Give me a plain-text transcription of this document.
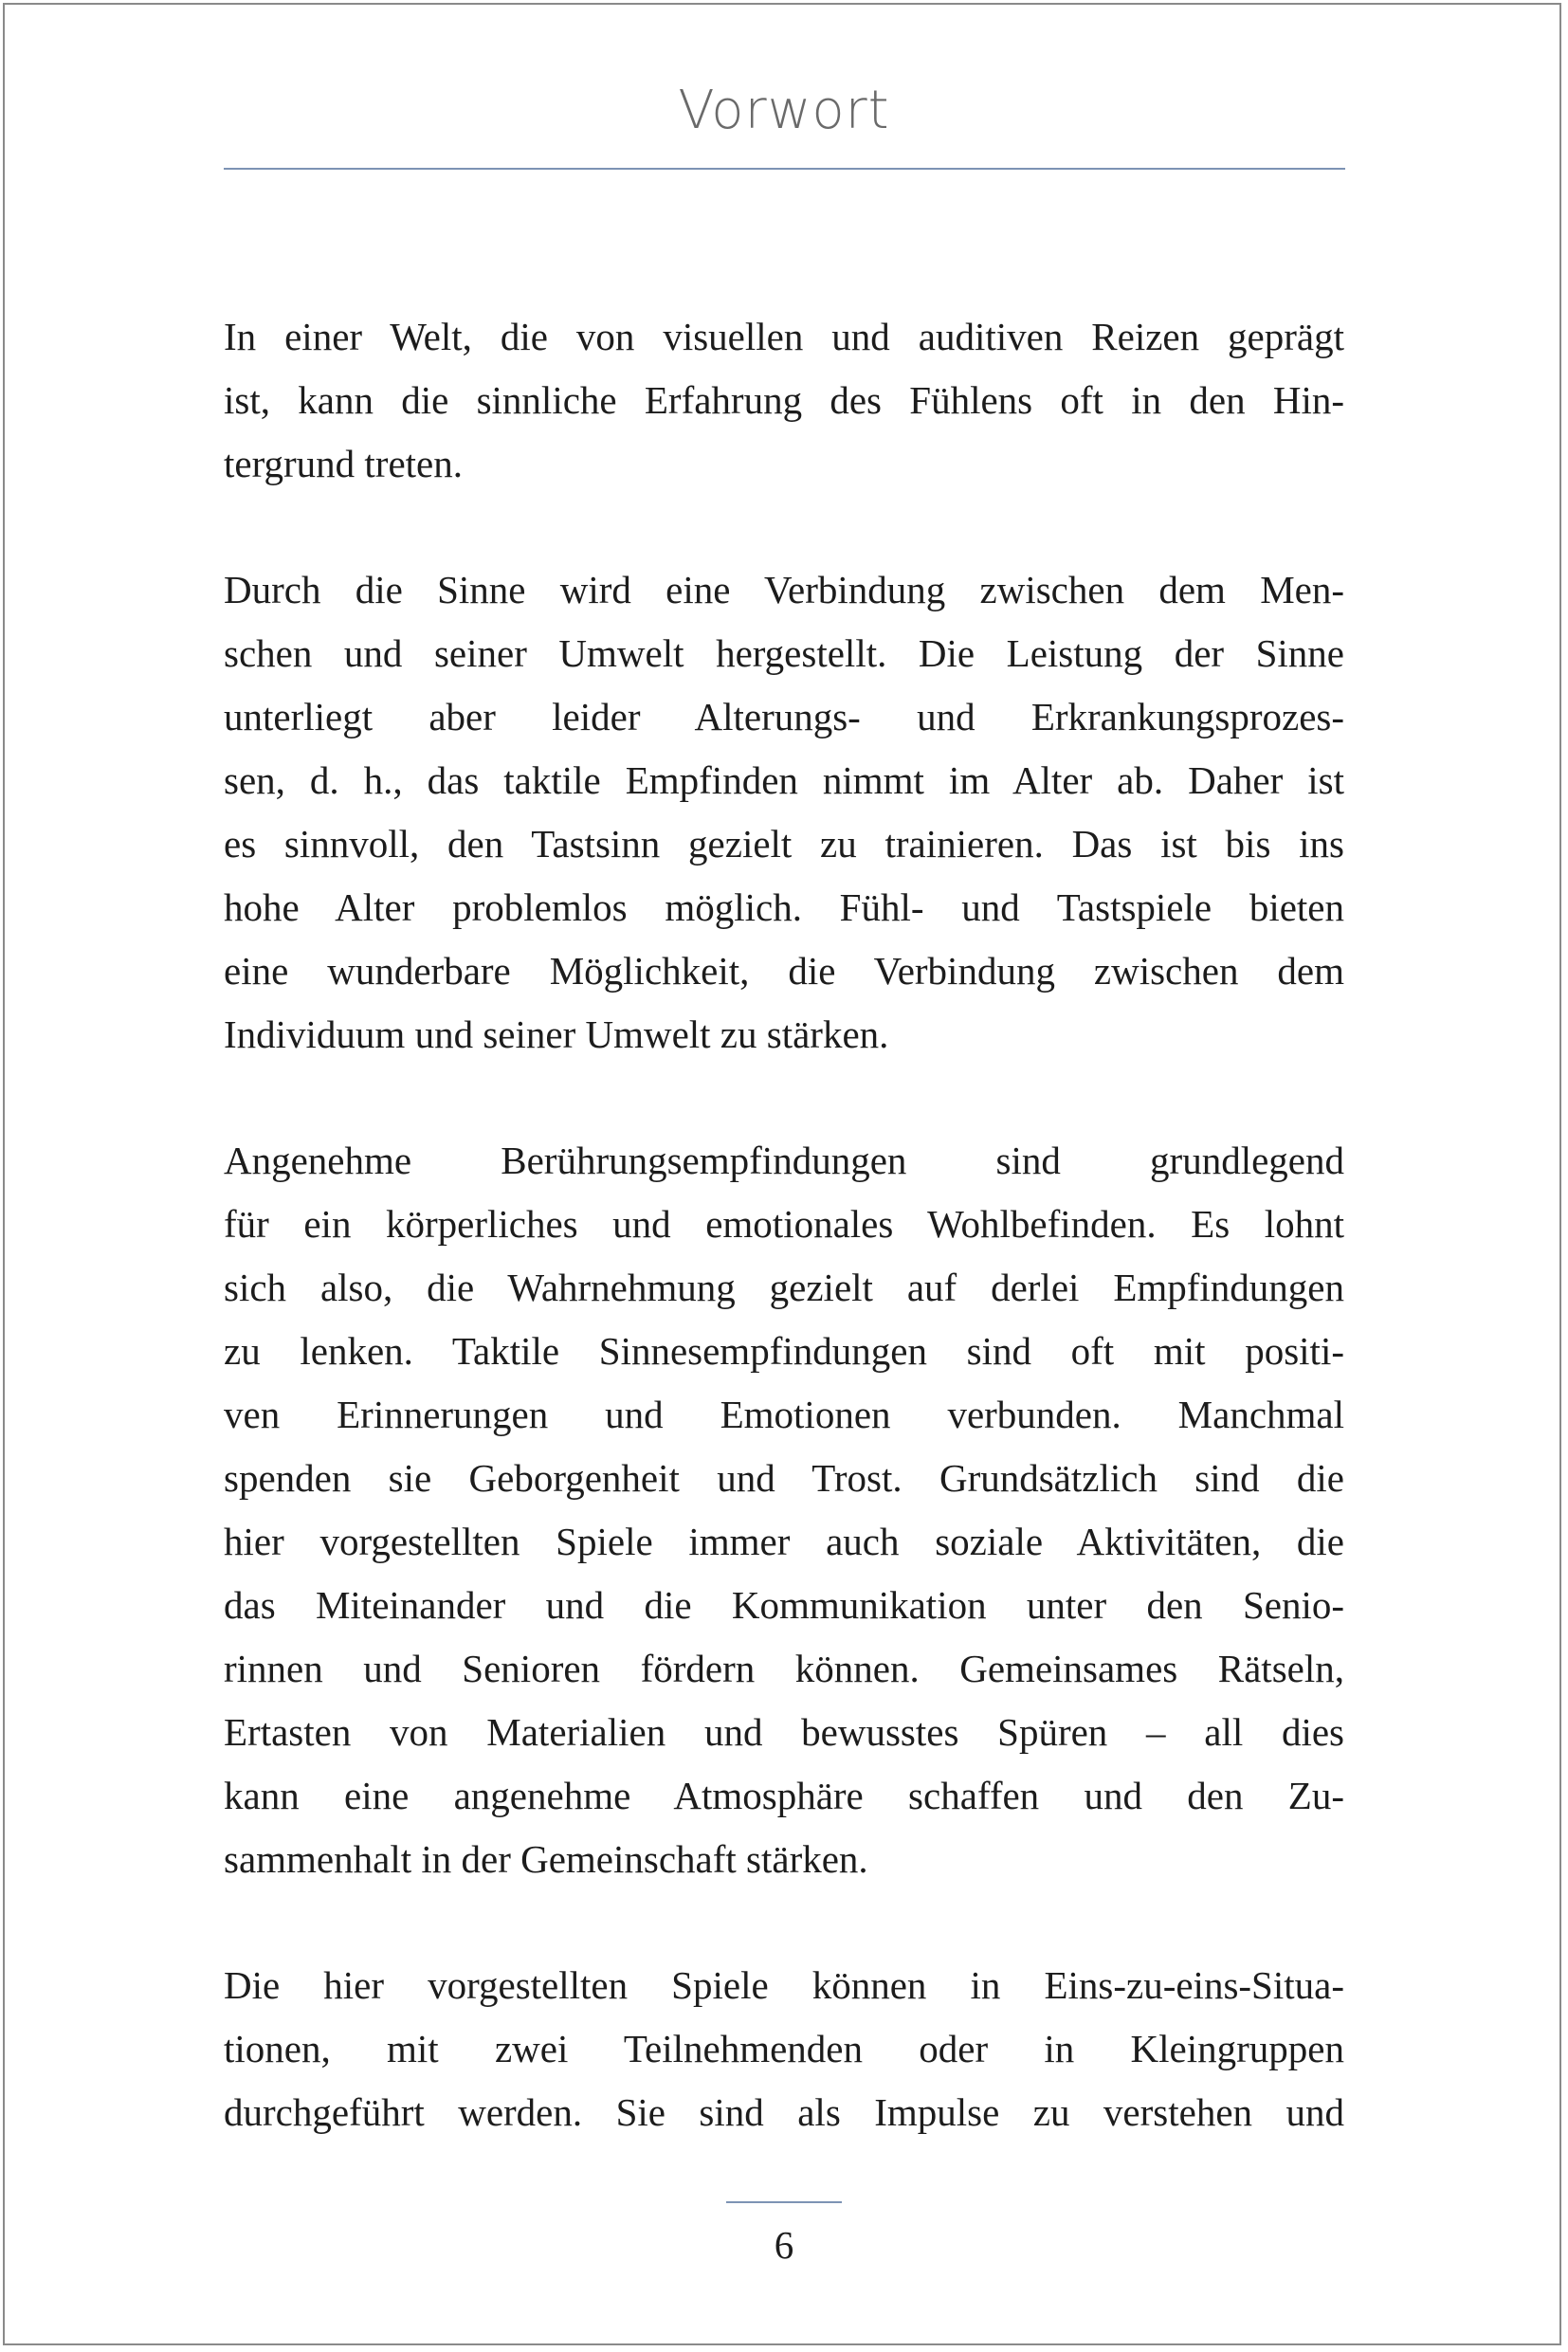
Vorwort
In einer Welt, die von visuellen und auditiven Reizen geprägt
ist, kann die sinnliche Erfahrung des Fühlens oft in den Hin-
tergrund treten.
Durch die Sinne wird eine Verbindung zwischen dem Men-
schen und seiner Umwelt hergestellt. Die Leistung der Sinne
unterliegt aber leider Alterungs- und Erkrankungsprozes-
sen, d. h., das taktile Empfinden nimmt im Alter ab. Daher ist
es sinnvoll, den Tastsinn gezielt zu trainieren. Das ist bis ins
hohe Alter problemlos möglich. Fühl- und Tastspiele bieten
eine wunderbare Möglichkeit, die Verbindung zwischen dem
Individuum und seiner Umwelt zu stärken.
Angenehme Berührungsempfindungen sind grundlegend
für ein körperliches und emotionales Wohlbefinden. Es lohnt
sich also, die Wahrnehmung gezielt auf derlei Empfindungen
zu lenken. Taktile Sinnesempfindungen sind oft mit positi-
ven Erinnerungen und Emotionen verbunden. Manchmal
spenden sie Geborgenheit und Trost. Grundsätzlich sind die
hier vorgestellten Spiele immer auch soziale Aktivitäten, die
das Miteinander und die Kommunikation unter den Senio-
rinnen und Senioren fördern können. Gemeinsames Rätseln,
Ertasten von Materialien und bewusstes Spüren – all dies
kann eine angenehme Atmosphäre schaffen und den Zu-
sammenhalt in der Gemeinschaft stärken.
Die hier vorgestellten Spiele können in Eins-zu-eins-Situa-
tionen, mit zwei Teilnehmenden oder in Kleingruppen
durchgeführt werden. Sie sind als Impulse zu verstehen und
6
